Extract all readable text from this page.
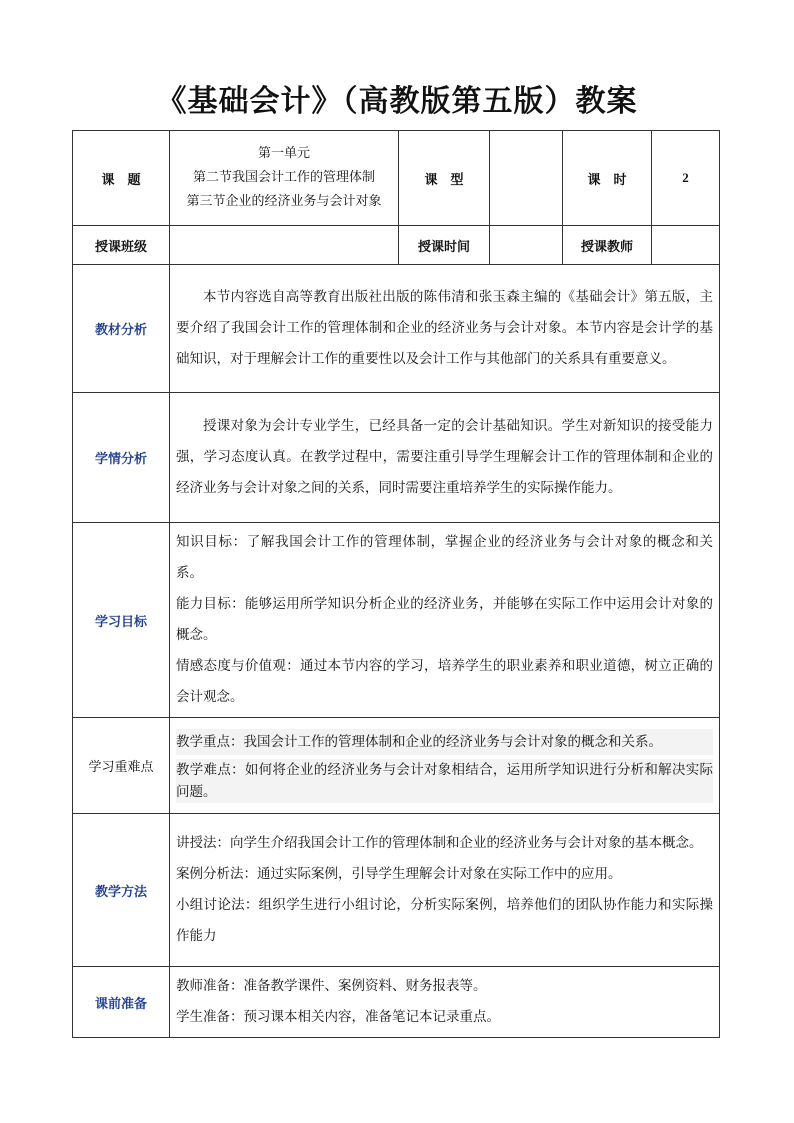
《基础会计》（高教版第五版）教案
课　题	第一单元
第二节我国会计工作的管理体制
第三节企业的经济业务与会计对象	课　型		课　时	2
授课班级		授课时间		授课教师	
教材分析	本节内容选自高等教育出版社出版的陈伟清和张玉森主编的《基础会计》第五版，主要介绍了我国会计工作的管理体制和企业的经济业务与会计对象。本节内容是会计学的基础知识，对于理解会计工作的重要性以及会计工作与其他部门的关系具有重要意义。				

学情分析	授课对象为会计专业学生，已经具备一定的会计基础知识。学生对新知识的接受能力强，学习态度认真。在教学过程中，需要注重引导学生理解会计工作的管理体制和企业的经济业务与会计对象之间的关系，同时需要注重培养学生的实际操作能力。				

学习目标	知识目标：了解我国会计工作的管理体制，掌握企业的经济业务与会计对象的概念和关系。
能力目标：能够运用所学知识分析企业的经济业务，并能够在实际工作中运用会计对象的概念。
情感态度与价值观：通过本节内容的学习，培养学生的职业素养和职业道德，树立正确的会计观念。				

学习重难点	教学重点：我国会计工作的管理体制和企业的经济业务与会计对象的概念和关系。
教学难点：如何将企业的经济业务与会计对象相结合，运用所学知识进行分析和解决实际问题。				

教学方法	讲授法：向学生介绍我国会计工作的管理体制和企业的经济业务与会计对象的基本概念。
案例分析法：通过实际案例，引导学生理解会计对象在实际工作中的应用。
小组讨论法：组织学生进行小组讨论，分析实际案例，培养他们的团队协作能力和实际操作能力				

课前准备	教师准备：准备教学课件、案例资料、财务报表等。
学生准备：预习课本相关内容，准备笔记本记录重点。				
